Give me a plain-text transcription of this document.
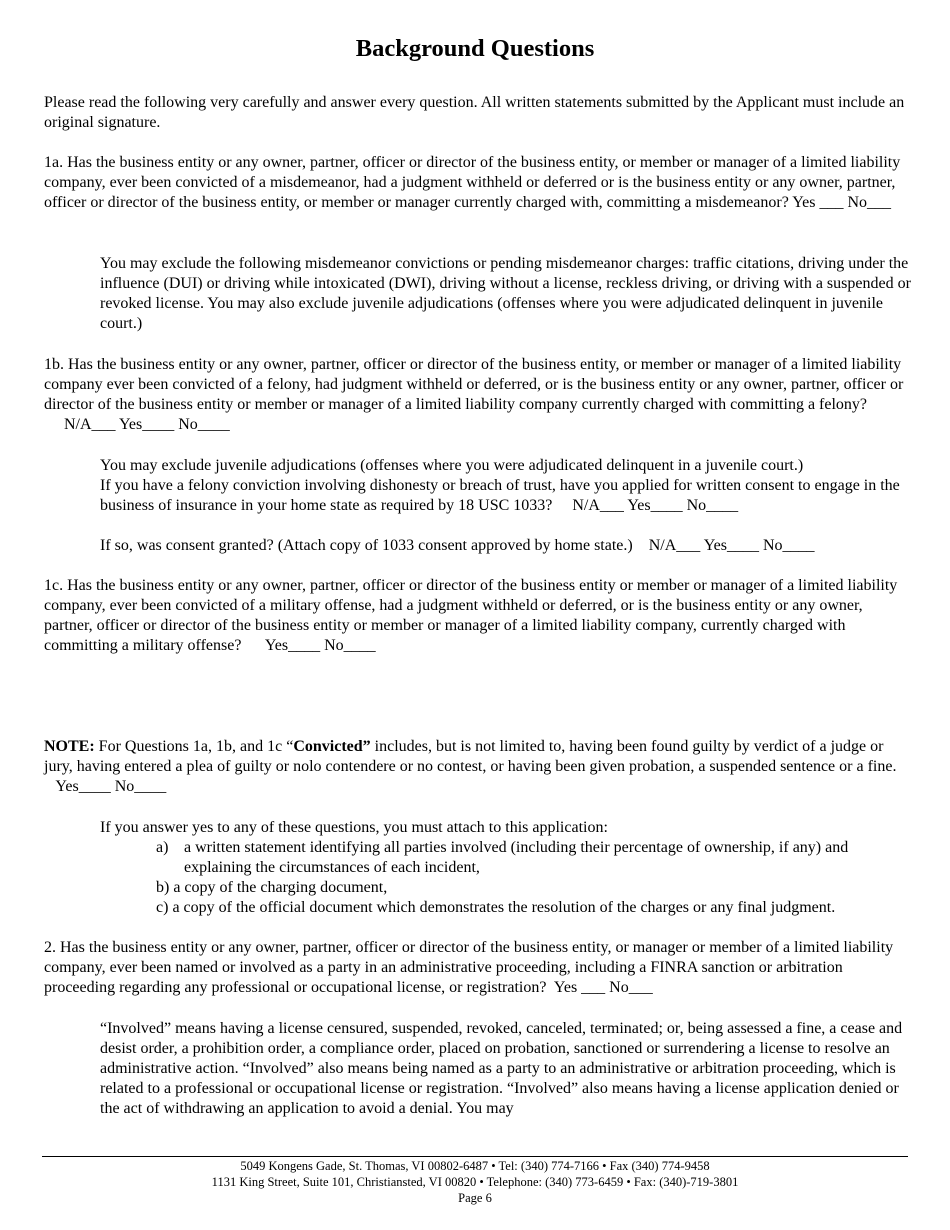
Background Questions

Please read the following very carefully and answer every question. All written statements submitted by the Applicant must include an original signature.

1a. Has the business entity or any owner, partner, officer or director of the business entity, or member or manager of a limited liability company, ever been convicted of a misdemeanor, had a judgment withheld or deferred or is the business entity or any owner, partner, officer or director of the business entity, or member or manager currently charged with, committing a misdemeanor? Yes ___ No___

You may exclude the following misdemeanor convictions or pending misdemeanor charges: traffic citations, driving under the influence (DUI) or driving while intoxicated (DWI), driving without a license, reckless driving, or driving with a suspended or revoked license. You may also exclude juvenile adjudications (offenses where you were adjudicated delinquent in juvenile court.)

1b. Has the business entity or any owner, partner, officer or director of the business entity, or member or manager of a limited liability company ever been convicted of a felony, had judgment withheld or deferred, or is the business entity or any owner, partner, officer or director of the business entity or member or manager of a limited liability company currently charged with committing a felony?     N/A___ Yes____ No____

You may exclude juvenile adjudications (offenses where you were adjudicated delinquent in a juvenile court.)
If you have a felony conviction involving dishonesty or breach of trust, have you applied for written consent to engage in the business of insurance in your home state as required by 18 USC 1033?     N/A___ Yes____ No____

If so, was consent granted? (Attach copy of 1033 consent approved by home state.)    N/A___ Yes____ No____

1c. Has the business entity or any owner, partner, officer or director of the business entity or member or manager of a limited liability company, ever been convicted of a military offense, had a judgment withheld or deferred, or is the business entity or any owner, partner, officer or director of the business entity or member or manager of a limited liability company, currently charged with committing a military offense?      Yes____ No____

NOTE: For Questions 1a, 1b, and 1c “Convicted” includes, but is not limited to, having been found guilty by verdict of a judge or jury, having entered a plea of guilty or nolo contendere or no contest, or having been given probation, a suspended sentence or a fine.   Yes____ No____

If you answer yes to any of these questions, you must attach to this application:

a) a written statement identifying all parties involved (including their percentage of ownership, if any) and explaining the circumstances of each incident,
b) a copy of the charging document,
c) a copy of the official document which demonstrates the resolution of the charges or any final judgment.

2. Has the business entity or any owner, partner, officer or director of the business entity, or manager or member of a limited liability company, ever been named or involved as a party in an administrative proceeding, including a FINRA sanction or arbitration proceeding regarding any professional or occupational license, or registration?  Yes ___ No___

“Involved” means having a license censured, suspended, revoked, canceled, terminated; or, being assessed a fine, a cease and desist order, a prohibition order, a compliance order, placed on probation, sanctioned or surrendering a license to resolve an administrative action. “Involved” also means being named as a party to an administrative or arbitration proceeding, which is related to a professional or occupational license or registration. “Involved” also means having a license application denied or the act of withdrawing an application to avoid a denial. You may

5049 Kongens Gade, St. Thomas, VI 00802-6487 • Tel: (340) 774-7166 • Fax (340) 774-9458
1131 King Street, Suite 101, Christiansted, VI 00820 • Telephone: (340) 773-6459 • Fax: (340)-719-3801
Page 6
